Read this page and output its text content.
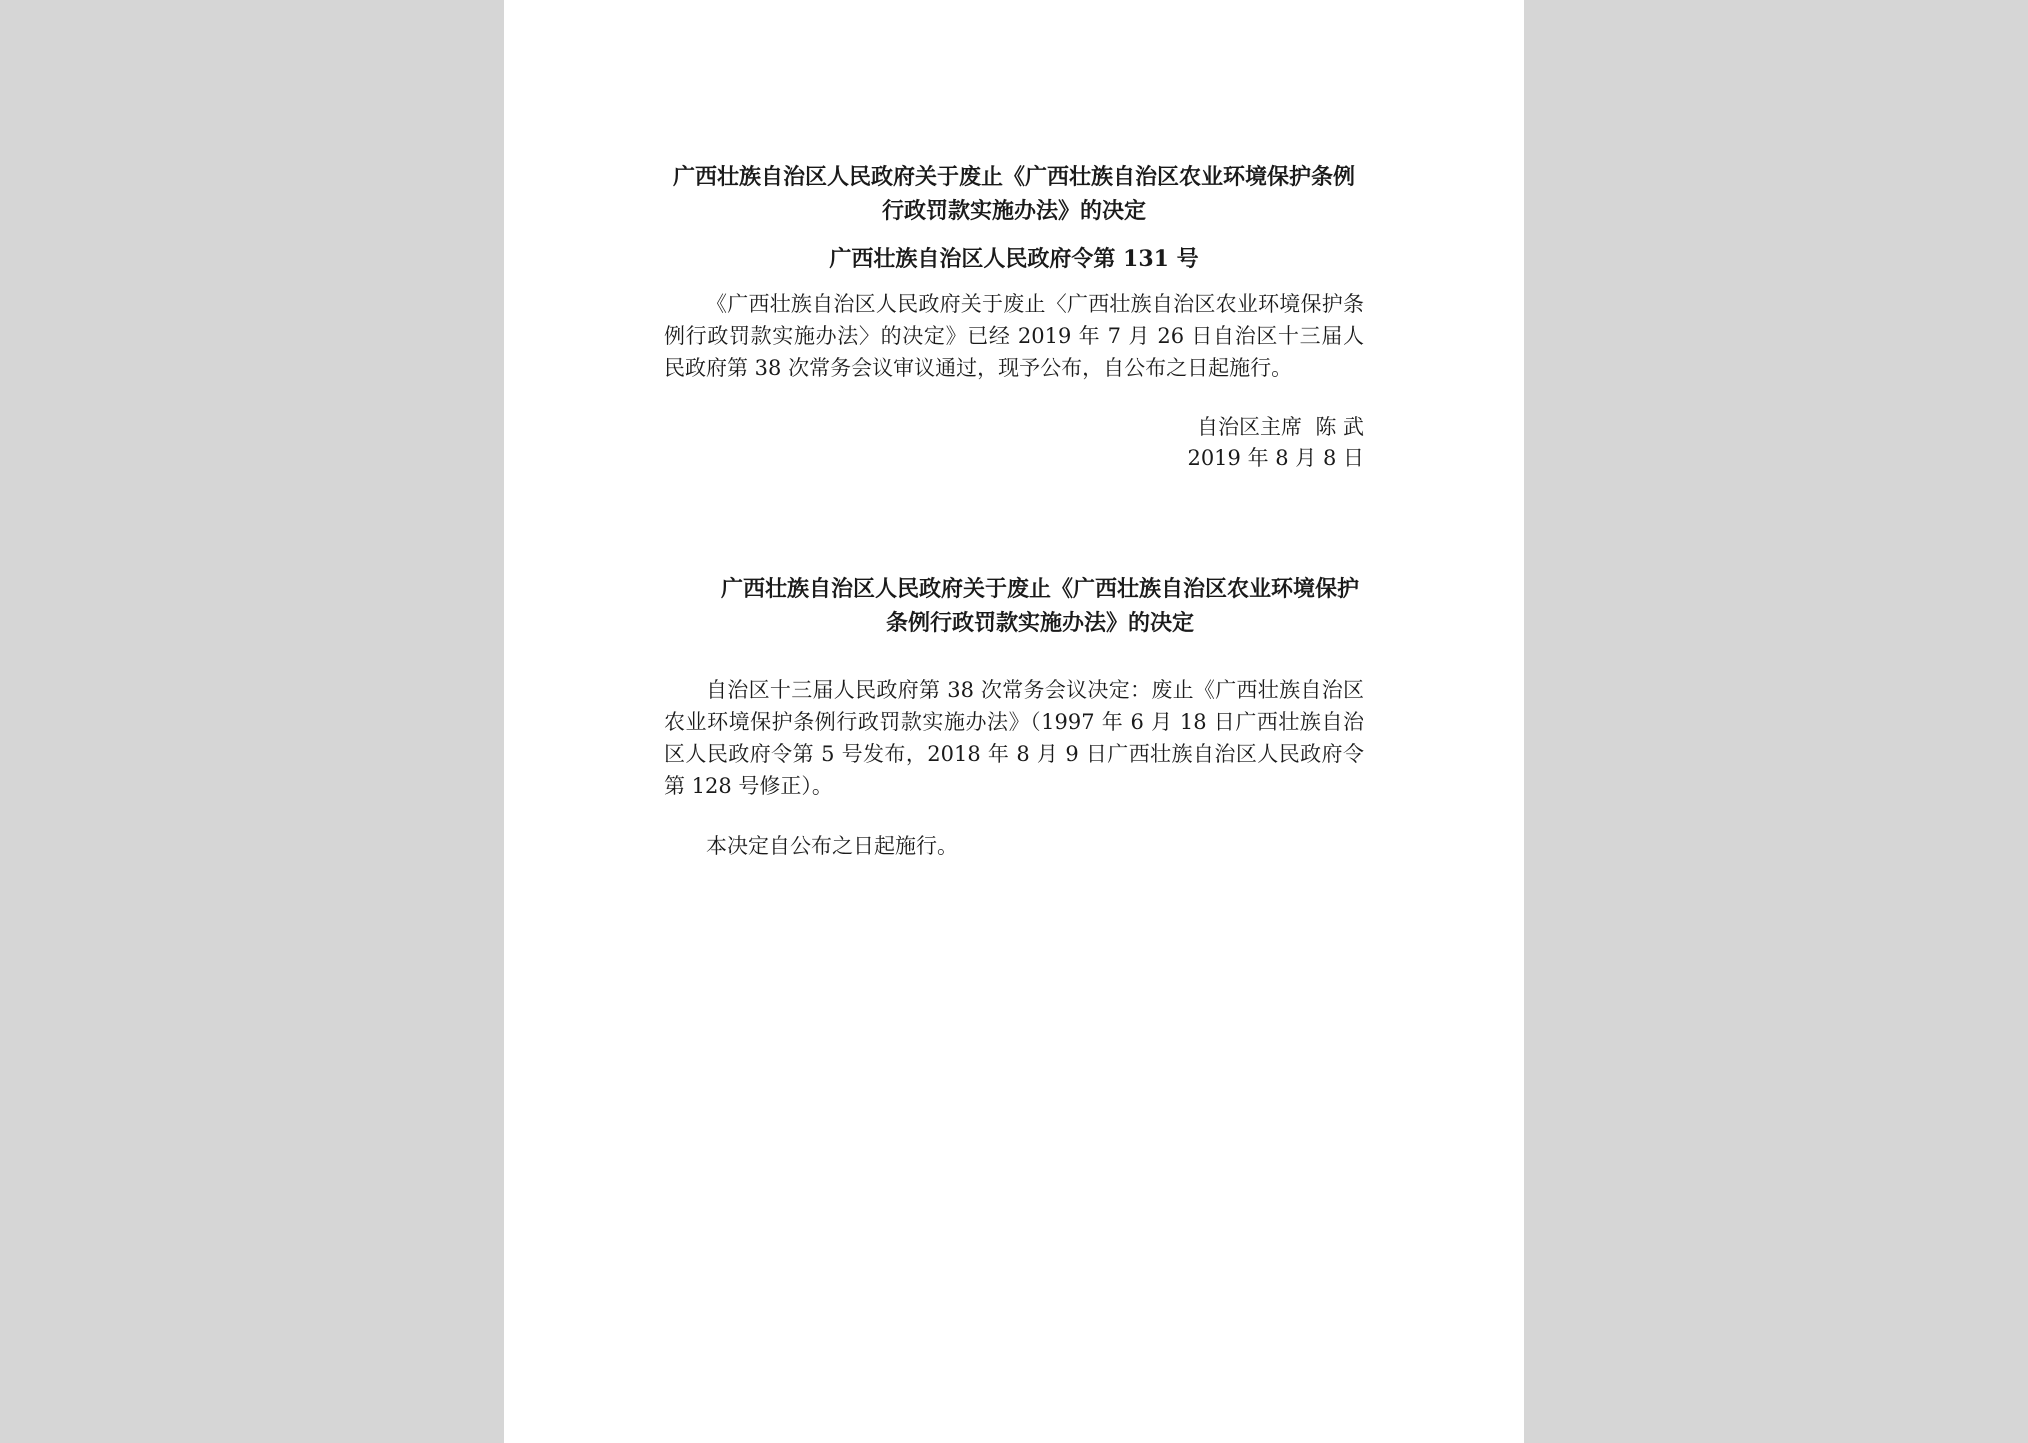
广西壮族自治区人民政府关于废止《广西壮族自治区农业环境保护条例行政罚款实施办法》的决定
广西壮族自治区人民政府令第 131 号

《广西壮族自治区人民政府关于废止〈广西壮族自治区农业环境保护条例行政罚款实施办法〉的决定》已经 2019 年 7 月 26 日自治区十三届人民政府第 38 次常务会议审议通过，现予公布，自公布之日起施行。

自治区主席  陈 武
2019 年 8 月 8 日
广西壮族自治区人民政府关于废止《广西壮族自治区农业环境保护条例行政罚款实施办法》的决定

自治区十三届人民政府第 38 次常务会议决定：废止《广西壮族自治区农业环境保护条例行政罚款实施办法》（1997 年 6 月 18 日广西壮族自治区人民政府令第 5 号发布，2018 年 8 月 9 日广西壮族自治区人民政府令第 128 号修正）。

本决定自公布之日起施行。
